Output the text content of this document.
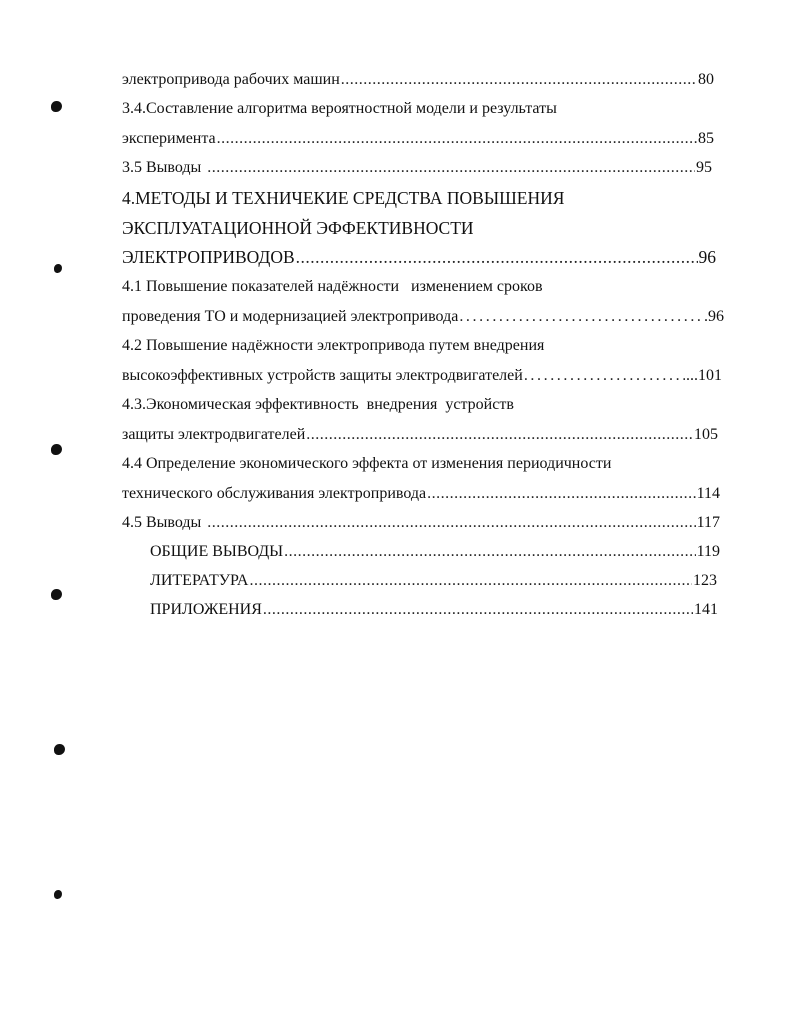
электропривода рабочих машин .....	80
3.4.Составление алгоритма вероятностной модели и результаты
эксперимента .....	85
3.5 Выводы .....	95
4.МЕТОДЫ И ТЕХНИЧЕКИЕ СРЕДСТВА ПОВЫШЕНИЯ
ЭКСПЛУАТАЦИОННОЙ ЭФФЕКТИВНОСТИ
ЭЛЕКТРОПРИВОДОВ .....	96
4.1 Повышение показателей надёжности   изменением сроков
проведения ТО и модернизацией электропривода .....	.96
4.2 Повышение надёжности электропривода путем внедрения
высокоэффективных устройств защиты электродвигателей .....	...101
4.3.Экономическая эффективность  внедрения  устройств
защиты электродвигателей .....	105
4.4 Определение экономического эффекта от изменения периодичности
технического обслуживания электропривода .....	114
4.5 Выводы .....	117
ОБЩИЕ ВЫВОДЫ .....	119
ЛИТЕРАТУРА .....	123
ПРИЛОЖЕНИЯ .....	141
